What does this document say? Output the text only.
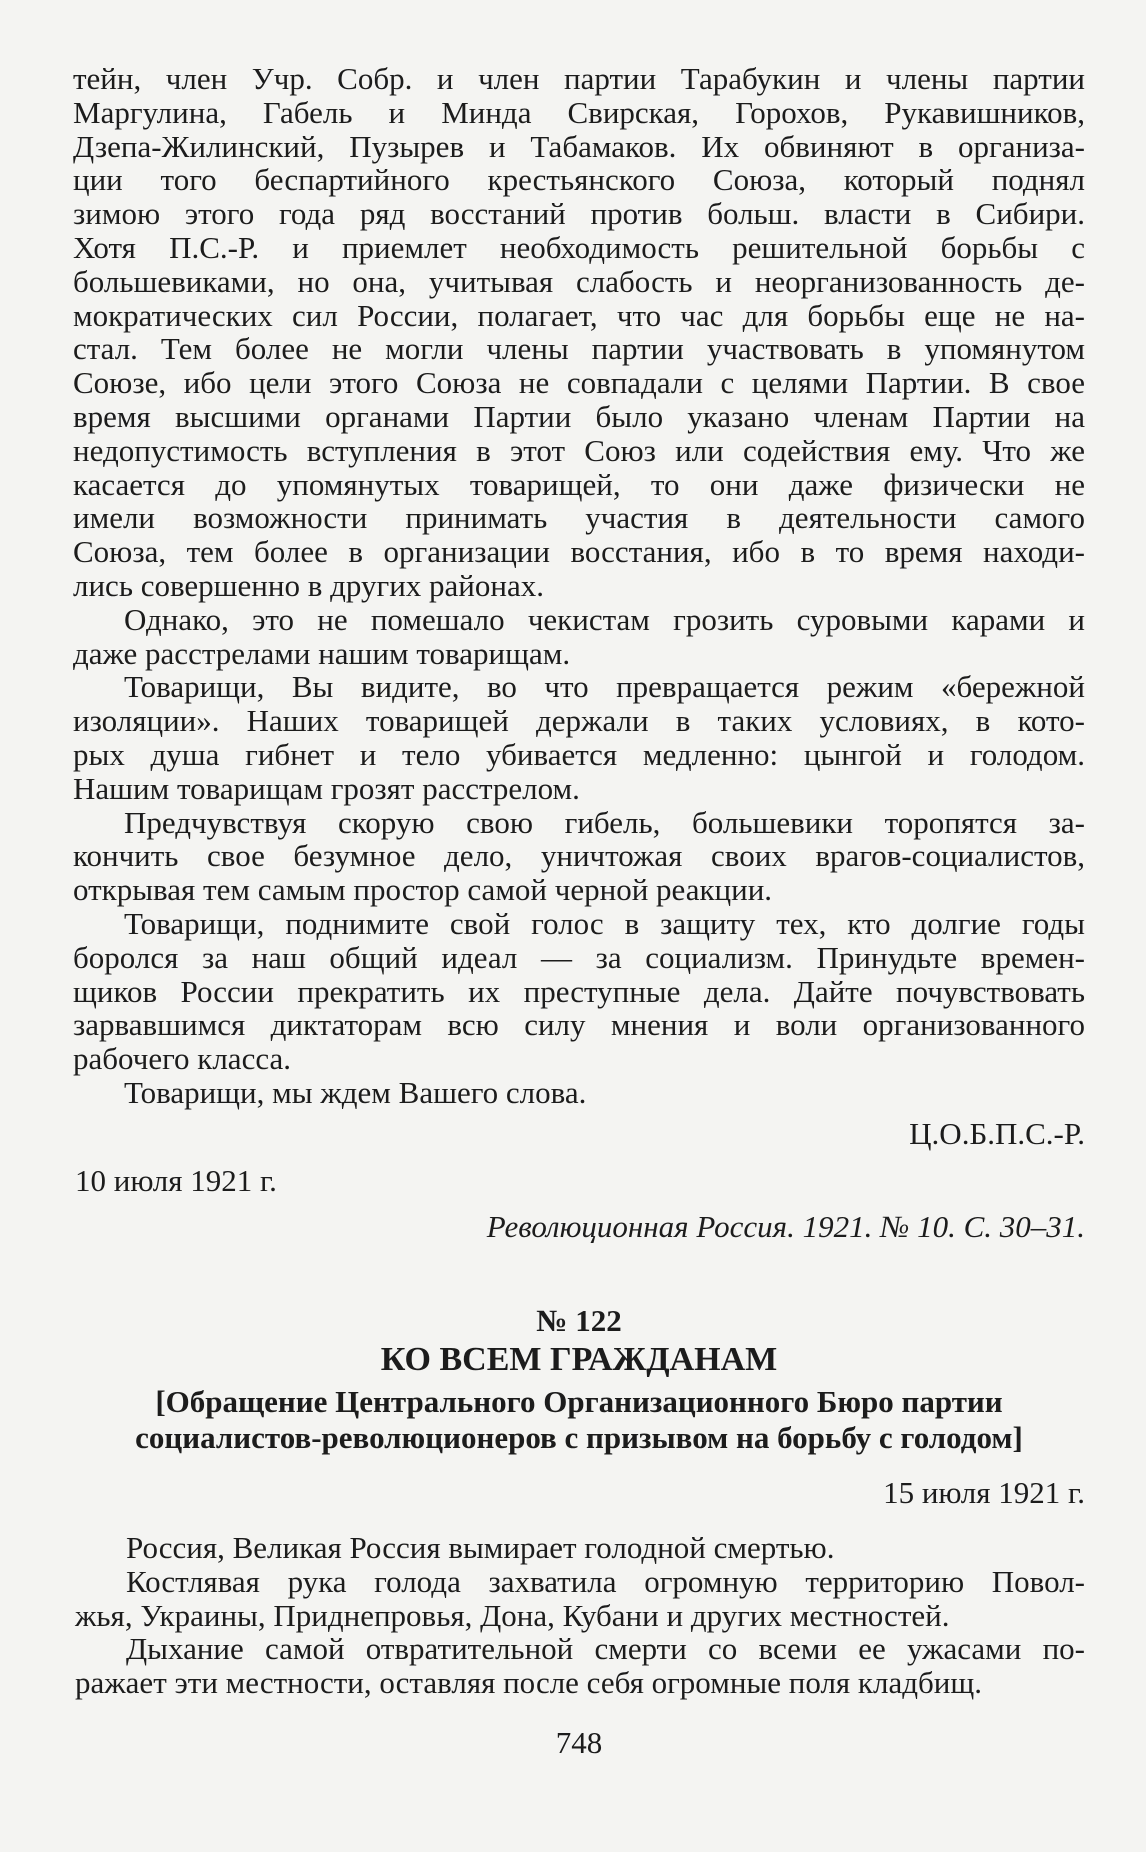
тейн, член Учр. Собр. и член партии Тарабукин и члены партии
Маргулина, Габель и Минда Свирская, Горохов, Рукавишников,
Дзепа-Жилинский, Пузырев и Табамаков. Их обвиняют в организа-
ции того беспартийного крестьянского Союза, который поднял
зимою этого года ряд восстаний против больш. власти в Сибири.
Хотя П.С.-Р. и приемлет необходимость решительной борьбы с
большевиками, но она, учитывая слабость и неорганизованность де-
мократических сил России, полагает, что час для борьбы еще не на-
стал. Тем более не могли члены партии участвовать в упомянутом
Союзе, ибо цели этого Союза не совпадали с целями Партии. В свое
время высшими органами Партии было указано членам Партии на
недопустимость вступления в этот Союз или содействия ему. Что же
касается до упомянутых товарищей, то они даже физически не
имели возможности принимать участия в деятельности самого
Союза, тем более в организации восстания, ибо в то время находи-
лись совершенно в других районах.
Однако, это не помешало чекистам грозить суровыми карами и
даже расстрелами нашим товарищам.
Товарищи, Вы видите, во что превращается режим «бережной
изоляции». Наших товарищей держали в таких условиях, в кото-
рых душа гибнет и тело убивается медленно: цынгой и голодом.
Нашим товарищам грозят расстрелом.
Предчувствуя скорую свою гибель, большевики торопятся за-
кончить свое безумное дело, уничтожая своих врагов-социалистов,
открывая тем самым простор самой черной реакции.
Товарищи, поднимите свой голос в защиту тех, кто долгие годы
боролся за наш общий идеал — за социализм. Принудьте времен-
щиков России прекратить их преступные дела. Дайте почувствовать
зарвавшимся диктаторам всю силу мнения и воли организованного
рабочего класса.
Товарищи, мы ждем Вашего слова.
Ц.О.Б.П.С.-Р.
10 июля 1921 г.
Революционная Россия. 1921. № 10. С. 30–31.
№ 122
КО ВСЕМ ГРАЖДАНАМ
[Обращение Центрального Организационного Бюро партии
социалистов-революционеров с призывом на борьбу с голодом]
15 июля 1921 г.
Россия, Великая Россия вымирает голодной смертью.
Костлявая рука голода захватила огромную территорию Повол-
жья, Украины, Приднепровья, Дона, Кубани и других местностей.
Дыхание самой отвратительной смерти со всеми ее ужасами по-
ражает эти местности, оставляя после себя огромные поля кладбищ.
748
